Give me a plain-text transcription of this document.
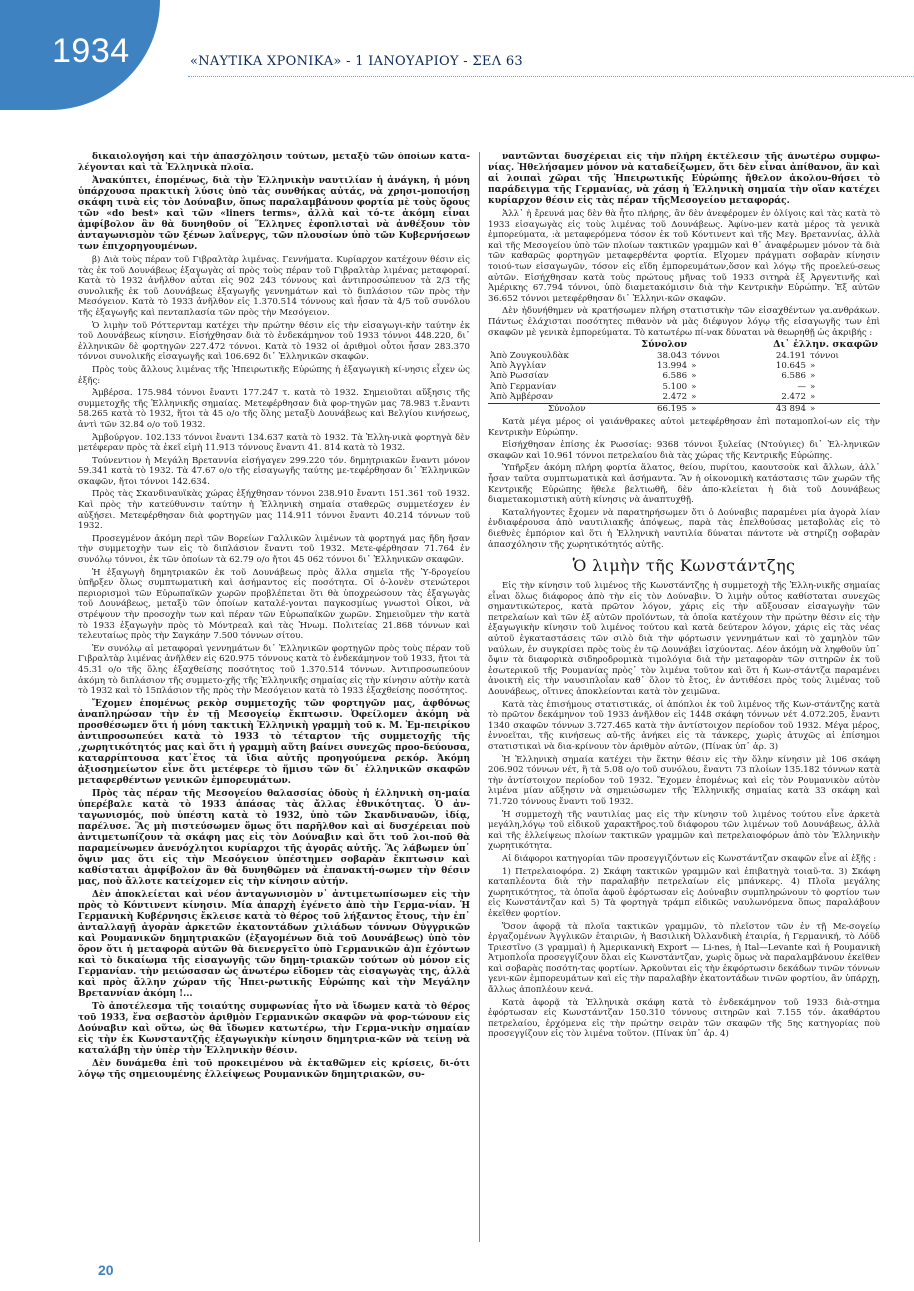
1934	«ΝΑΥΤΙΚΑ ΧΡΟΝΙΚΑ» - 1 ΙΑΝΟΥΑΡΙΟΥ - ΣΕΛ 63

δικαιολογήση καὶ τὴν ἀπασχόλησιν τούτων, μεταξὺ τῶν ὁποίων κατα-λέγονται καὶ τὰ Ἑλληνικὰ πλοῖα.

Ἀνακύπτει, ἑπομένως, διὰ τὴν Ἑλληνικὴν ναυτιλίαν ἡ ἀνάγκη, ἡ μόνη ὑπάρχουσα πρακτικὴ λύσις ὑπὸ τὰς συνθήκας αὐτάς, νὰ χρησι-μοποιήσῃ σκάφη τινὰ εἰς τὸν Δούναβιν, ὅπως παραλαμβάνουν φορτία μὲ τοὺς ὅρους τῶν «do best» καὶ τῶν «liners terms», ἀλλὰ καὶ τό-τε ἀκόμη εἶναι ἀμφίβολον ἂν θὰ δυνηθοῦν οἱ Ἕλληνες ἐφοπλισταὶ νὰ ἀνθέξουν τὸν ἀνταγωνισμὸν τῶν ξένων λαΐνεργς, τῶν πλουσίων ὑπὸ τῶν Κυβερνήσεων των ἐπιχορηγουμένων.

β) Διὰ τοὺς πέραν τοῦ Γιβραλτὰρ λιμένας. Γεννήματα. Κυρίαρχον κατέχουν θέσιν εἰς τὰς ἐκ τοῦ Δουνάβεως ἐξαγωγὰς αἱ πρὸς τοὺς πέραν τοῦ Γιβραλτὰρ λιμένας μεταφοραί. Κατὰ τὸ 1932 ἀνῆλθον αὗται εἰς 902 243 τόννους καὶ ἀντιπροσώπευον τὰ 2/3 τῆς συνολικῆς ἐκ τοῦ Δουνάβεως ἐξαγωγῆς γεννημάτων καὶ τὸ διπλάσιον τῶν πρὸς τὴν Μεσόγειον. Κατὰ τὸ 1933 ἀνῆλθον εἰς 1.370.514 τόννους καὶ ἦσαν τὰ 4/5 τοῦ συνόλου τῆς ἐξαγωγῆς καὶ πενταπλασία τῶν πρὸς τὴν Μεσόγειον.

Ὁ λιμὴν τοῦ Ρόττερνταμ κατέχει τὴν πρώτην θέσιν εἰς τὴν εἰσαγωγι-κὴν ταύτην ἐκ τοῦ Δουνάβεως κίνησιν. Εἰσήχθησαν διὰ τὸ ἑνδεκάμηνον τοῦ 1933 τόννοι 448.220, δι᾽ ἑλληνικῶν δὲ φορτηγῶν 227.472 τόννοι. Κατὰ τὸ 1932 οἱ ἀριθμοὶ οὗτοι ἦσαν 283.370 τόννοι συνολικῆς εἰσαγωγῆς καὶ 106.692 δι᾽ Ἑλληνικῶν σκαφῶν.

Πρὸς τοὺς ἄλλους λιμένας τῆς Ἠπειρωτικῆς Εὐρώπης ἡ ἐξαγωγικὴ κί-νησις εἶχεν ὡς ἑξῆς:

Ἀμβέρσα. 175.984 τόννοι ἔναντι 177.247 τ. κατὰ τὸ 1932. Σημειοῦται αὔξησις τῆς συμμετοχῆς τῆς Ἑλληνικῆς σημαίας. Μετεφέρθησαν διὰ φορ-τηγῶν μας 78.983 τ.ἔναντι 58.265 κατὰ τὸ 1932, ἤτοι τὰ 45 ο/ο τῆς ὅλης μεταξὺ Δουνάβεως καὶ Βελγίου κινήσεως, ἀντὶ τῶν 32.84 ο/ο τοῦ 1932.

Ἀμβούργον. 102.133 τόννοι ἔναντι 134.637 κατὰ τὸ 1932. Τὰ Ἑλλη-νικὰ φορτηγὰ δὲν μετέφεραν πρὸς τὰ ἐκεῖ εἰμὴ 11.913 τόννους ἔναντι 41. 814 κατὰ τὸ 1932.

Τούνεντιον ἡ Μεγάλη Βρεταννία εἰσήγαγεν 299.220 τόν. δημητριακῶν ἔναντι μόνον 59.341 κατὰ τὸ 1932. Τὰ 47.67 ο/ο τῆς εἰσαγωγῆς ταύτης με-τεφέρθησαν δι᾽ Ἑλληνικῶν σκαφῶν, ἤτοι τόννοι 142.634.

Πρὸς τὰς Σκανδιναυϊκὰς χώρας ἐξήχθησαν τόννοι 238.910 ἔναντι 151.361 τοῦ 1932. Καὶ πρὸς τὴν κατεύθυνσιν ταύτην ἡ Ἑλληνικὴ σημαία σταθερῶς συμμετέσχεν ἐν αὐξήσει. Μετεφέρθησαν διὰ φορτηγῶν μας 114.911 τόννοι ἔναντι 40.214 τόννων τοῦ 1932.

Προσεγμένον ἀκόμη περὶ τῶν Βορείων Γαλλικῶν λιμένων τὰ φορτηγά μας ἤδη ἤσαν τὴν συμμετοχὴν των εἰς τὸ διπλάσιον ἔναντι τοῦ 1932. Μετε-φέρθησαν 71.764 ἐν συνόλῳ τόννοι, ἐκ τῶν ὁποίων τὰ 62.79 ο/ο ἤτοι 45 062 τόννοι δι᾽ Ἑλληνικῶν σκαφῶν.

Ἡ ἐξαγωγὴ δημητριακῶν ἐκ τοῦ Δουνάβεως πρὸς ἄλλα σημεῖα τῆς Ὑ-δρογείου ὑπῆρξεν ὅλως συμπτωματικὴ καὶ ἀσήμαντος εἰς ποσότητα. Οἱ ὀ-λονὲν στενώτεροι περιορισμοὶ τῶν Εὐρωπαϊκῶν χωρῶν προβλέπεται ὅτι θὰ ὑποχρεώσουν τὰς ἐξαγωγὰς τοῦ Δουνάβεως, μεταξὺ τῶν ὁποίων καταλέ-γονται παγκοσμίως γνωστοὶ Οἶκοι, νὰ στρέψουν τὴν προσοχὴν των καὶ πέραν τῶν Εὐρωπαϊκῶν χωρῶν. Σημειοῦμεν τὴν κατὰ τὸ 1933 ἐξαγωγὴν πρὸς τὸ Μόντρεαλ καὶ τὰς Ἡνωμ. Πολιτείας 21.868 τόννων καὶ τελευταίως πρὸς τὴν Σαγκάην 7.500 τόννων σίτου.

Ἐν συνόλῳ αἱ μεταφοραὶ γεννημάτων δι᾽ Ἑλληνικῶν φορτηγῶν πρὸς τοὺς πέραν τοῦ Γιβραλτὰρ λιμένας ἀνῆλθεν εἰς 620.975 τόννους κατὰ τὸ ἑνδεκάμηνον τοῦ 1933, ἤτοι τὰ 45.31 ο/ο τῆς ὅλης ἐξαχθείσης ποσότητος τοῦ 1.370.514 τόννων. Ἀντιπροσωπεύουν ἀκόμη τὸ διπλάσιον τῆς συμμετο-χῆς τῆς Ἑλληνικῆς σημαίας εἰς τὴν κίνησιν αὐτὴν κατὰ τὸ 1932 καὶ τὸ 15πλάσιον τῆς πρὸς τὴν Μεσόγειον κατὰ τὸ 1933 ἐξαχθείσης ποσότητος.

Ἔχομεν ἑπομένως ρεκὸρ συμμετοχῆς τῶν φορτηγῶν μας, ἀφθόνως ἀναπληρώσαν τὴν ἐν τῇ Μεσογείῳ ἔκπτωσιν. Ὀφείλομεν ἀκόμη νὰ προσθέσωμεν ὅτι ἡ μόνη τακτικὴ Ἑλληνικὴ γραμμὴ τοῦ κ. Μ. Ἐμ-πειρίκου ἀντιπροσωπεύει κατὰ τὸ 1933 τὸ τέταρτον τῆς συμμετοχῆς τῆς ,χωρητικότητός μας καὶ ὅτι ἡ γραμμὴ αὕτη βαίνει συνεχῶς προο-δεύουσα, καταρρίπτουσα κατ᾽ἔτος τὰ ἴδια αὐτῆς προηγούμενα ρεκόρ. Ἀκόμη ἀξιοσημείωτον εἶνε ὅτι μετέφερε τὸ ἥμισυ τῶν δι᾽ ἑλληνικῶν σκαφῶν μεταφερθέντων γενικῶν ἐμπορευμάτων.

Πρὸς τὰς πέραν τῆς Μεσογείου θαλασσίας ὁδοὺς ἡ ἑλληνικὴ ση-μαία ὑπερέβαλε κατὰ τὸ 1933 ἁπάσας τὰς ἄλλας ἐθνικότητας. Ὁ ἀν-ταγωνισμός, ποὺ ὑπέστη κατὰ τὸ 1932, ὑπὸ τῶν Σκανδιναυῶν, ἰδίᾳ, παρέλυσε. Ἂς μὴ πιστεύσωμεν ὅμως ὅτι παρῆλθον καὶ αἱ δυσχέρειαι ποὺ ἀντιμετωπίζουν τὰ σκάφη μας εἰς τὸν Δούναβιν καὶ ὅτι τοῦ λοι-ποῦ θὰ παραμείνωμεν ἀνενόχλητοι κυρίαρχοι τῆς ἀγορᾶς αὐτῆς. Ἂς λάβωμεν ὑπ᾽ ὄψιν μας ὅτι εἰς τὴν Μεσόγειον ὑπέστημεν σοβαρὰν ἔκπτωσιν καὶ καθίσταται ἀμφίβολον ἂν θὰ δυνηθῶμεν νὰ ἐπανακτή-σωμεν τὴν θέσιν μας, ποὺ ἄλλοτε κατείχομεν εἰς τὴν κίνησιν αὐτήν.

Δὲν ἀποκλείεται καὶ νέον ἀνταγωνισμὸν ν᾽ ἀντιμετωπίσωμεν εἰς τὴν πρὸς τὸ Κόντινεντ κίνησιν. Μία ἀπαρχὴ ἐγένετο ἀπὸ τὴν Γερμα-νίαν. Ἡ Γερμανικὴ Κυβέρνησις ἔκλεισε κατὰ τὸ θέρος τοῦ λήξαντος ἔτους, τὴν ἐπ᾽ ἀνταλλαγῇ ἀγορὰν ἀρκετῶν ἑκατοντάδων χιλιάδων τόννων Οὐγγρικῶν καὶ Ρουμανικῶν δημητριακῶν (ἐξαγομένων διὰ τοῦ Δουνάβεως) ὑπὸ τὸν ὅρον ὅτι ἡ μεταφορὰ αὐτῶν θὰ διενεργεῖτο ὑπὸ Γερμανικῶν ἀ)π ἐχόντων καὶ τὸ δικαίωμα τῆς εἰσαγωγῆς τῶν δημη-τριακῶν τούτων οὐ μόνον εἰς Γερμανίαν. τὴν μειώσασαν ὡς ἀνωτέρω εἴδομεν τὰς εἰσαγωγὰς της, ἀλλὰ καὶ πρὸς ἄλλην χώραν τῆς Ἠπει-ρωτικῆς Εὐρώπης καὶ τὴν Μεγάλην Βρεταννίαν ἀκόμη !...

Τὸ ἀποτέλεσμα τῆς τοιαύτης συμφωνίας ἦτο νὰ ἴδωμεν κατὰ τὸ θέρος τοῦ 1933, ἕνα σεβαστὸν ἀριθμὸν Γερμανικῶν σκαφῶν νὰ φορ-τώνουν εἰς Δούναβιν καὶ οὕτω, ὡς θὰ ἴδωμεν κατωτέρω, τὴν Γερμα-νικὴν σημαίαν εἰς τὴν ἐκ Κωνσταντζῆς ἐξαγωγικὴν κίνησιν δημητρια-κῶν νὰ τείνῃ νὰ καταλάβῃ τὴν ὑπὲρ τὴν Ἑλληνικὴν θέσιν.

Δὲν δυνάμεθα ἐπὶ τοῦ προκειμένου νὰ ἐκταθῶμεν εἰς κρίσεις, δι-ότι λόγῳ τῆς σημειουμένης ἐλλείψεως Ρουμανικῶν δημητριακῶν, συ-

ναντῶνται δυσχέρειαι εἰς τὴν πλήρη ἐκτέλεσιν τῆς ἀνωτέρω συμφω-νίας. Ἠθελήσαμεν μόνον νὰ καταδείξωμεν, ὅτι δὲν εἶναι ἀπίθανον, ἂν καὶ αἱ λοιπαὶ χῶραι τῆς Ἠπειρωτικῆς Εὐρώπης ἤθελον ἀκολου-θήσει τὸ παράδειγμα τῆς Γερμανίας, νὰ χάσῃ ἡ Ἑλληνικὴ σημαία τὴν οἵαν κατέχει κυρίαρχον θέσιν εἰς τὰς πέραν τῆςΜεσογείου μεταφοράς.

Ἀλλ᾽ ἡ ἔρευνά μας δὲν θὰ ἦτο πλήρης, ἂν δὲν ἀνεφέρομεν ἐν ὀλίγοις καὶ τὰς κατὰ τὸ 1933 εἰσαγωγὰς εἰς τοὺς λιμένας τοῦ Δουνάβεως. Ἀφίνο-μεν κατὰ μέρος τὰ γενικὰ ἐμπορεύματα, :ὰ μεταφερόμενα τόσον ἐκ τοῦ Κόντινεντ καὶ τῆς Μεγ. Βρεταννίας, ἀλλὰ καὶ τῆς Μεσογείου ὑπὸ τῶν πλοίων τακτικῶν γραμμῶν καὶ θ᾽ ἀναφέρωμεν μόνον τὰ διὰ τῶν καθαρῶς φορτηγῶν μεταφερθέντα φορτία. Εἴχομεν πράγματι σοβαρὰν κίνησιν τοιού-των εἰσαγωγῶν, τόσον εἰς εἴδη ἐμπορευμάτων,ὅσον καὶ λόγῳ τῆς προελεύ-σεως αὐτῶν. Εἰσήχθησαν κατὰ τοὺς πρώτους μῆνας τοῦ 1933 σιτηρὰ ἐξ Ἀργεντινῆς καὶ Ἀμέρικης 67.794 τόννοι, ὑπὸ διαμετακόμισιν διὰ τὴν Κεντρικὴν Εὐρώπην. Ἐξ αὐτῶν 36.652 τόννοι μετεφέρθησαν δι᾽ Ἑλληνι-κῶν σκαφῶν.

Δὲν ἠδυνήθημεν νὰ κρατήσωμεν πλήρη στατιστικὴν τῶν εἰσαχθέντων γα.ανθράκων. Πάντως ἐλάχισται ποσότητες πιθανὸν νὰ μὰς διέφυγον λόγῳ τῆς εἰσαγωγῆς των ἐπὶ σκαφῶν μὲ γενικὰ ἐμπορεύματα. Τὸ κατωτέρω πί-νακ δύναται νὰ θεωρηθῇ ὡς ἀκριβής :

	Σύνολον		Δι᾽ ἑλλην. σκαφῶν	
Ἀπὸ Ζουγκουλδὰκ	38.043	τόννοι	24.191	τόννοι
Ἀπὸ Ἀγγλίαν	13.994	»	10.645	»
Ἀπὸ Ρωσσίαν	6.586	»	6.586	»
Ἀπὸ Γερμανίαν	5.100	»	—	»
Ἀπὸ Ἀμβέρσαν	2.472	»	2.472	»
Σύνολον	66.195	»	43 894	»

Κατὰ μέγα μέρος οἱ γαιάνθρακες αὐτοὶ μετεφέρθησαν ἐπὶ ποταμοπλοί-ων εἰς τὴν Κεντρικὴν Εὐρώπην.

Εἰσήχθησαν ἐπίσης ἐκ Ρωσσίας: 9368 τόννοι ξυλείας (Ντούγιες) δι᾽ Ἑλ-ληνικῶν σκαφῶν καὶ 10.961 τόννοι πετρελαίου διὰ τὰς χώρας τῆς Κεντρικῆς Εὐρώπης.

Ὑπῆρξεν ἀκόμη πλήρη φορτία ἅλατος, θείου, πυρίτου, καουτσοὺκ καὶ ἄλλων, ἀλλ᾽ ἦσαν ταῦτα συμπτωματικὰ καὶ ἀσήμαντα. Ἂν ἡ οἰκονομικὴ κατάστασις τῶν χωρῶν τῆς Κεντρικῆς Εὐρώπης ἤθελε βελτιωθῆ, δὲν ἀπο-κλείεται ἡ διὰ τοῦ Δουνάβεως διαμετακομιστικὴ αὐτὴ κίνησις νὰ ἀναπτυχθῇ.

Καταλήγοντες ἔχομεν νὰ παρατηρήσωμεν ὅτι ὁ Δούναβις παραμένει μία ἀγορὰ λίαν ἐνδιαφέρουσα ἀπὸ ναυτιλιακῆς ἀπόψεως, παρὰ τὰς ἐπελθούσας μεταβολὰς εἰς τὸ διεθνὲς ἐμπόριον καὶ ὅτι ἡ Ἑλληνικὴ ναυτιλία δύναται πάντοτε νὰ στηρίζῃ σοβαρὰν ἀπασχόλησιν τῆς χωρητικότητός αὐτῆς.

Ὁ λιμὴν τῆς Κωνστάντζης

Εἰς τὴν κίνησιν τοῦ λιμένος τῆς Κωνστάντζης ἡ συμμετοχὴ τῆς Ἑλλη-νικῆς σημαίας εἶναι ὅλως διάφορος ἀπὸ τὴν εἰς τὸν Δούναβιν. Ὁ λιμὴν οὗτος καθίσταται συνεχῶς σημαντικώτερος, κατὰ πρῶτον λόγον, χάρις εἰς τὴν αὔξουσαν εἰσαγωγὴν τῶν πετρελαίων καὶ τῶν ἐξ αὐτῶν προϊόντων, τὰ ὁποῖα κατέχουν τὴν πρώτην θέσιν εἰς τὴν ἐξαγωγικὴν κίνησιν τοῦ λιμένος τούτου καὶ κατὰ δεύτερον λόγον, χάρις εἰς τὰς νέας αὐτοῦ ἐγκαταστάσεις τῶν σιλὸ διὰ τὴν φόρτωσιν γεννημάτων καὶ τὸ χαμηλὸν τῶν ναύλων, ἐν συγκρίσει πρὸς τοὺς ἐν τῷ Δουνάβει ἰσχύοντας. Δέον ἀκόμη νὰ ληφθοῦν ὑπ᾽ ὄψιν τὰ διαφορικὰ σιδηροδρομικὰ τιμολόγια διὰ τὴν μεταφορὰν τῶν σιτηρῶν ἐκ τοῦ ἐσωτερικοῦ τῆς Ρουμανίας πρὸς᾽ τὸν λιμένα τοῦτον καὶ ὅτι ἡ Κων-στάντζα παραμένει ἀνοικτὴ εἰς τὴν ναυσιπλοΐαν καθ᾽ ὅλον τὸ ἔτος, ἐν ἀντιθέσει πρὸς τοὺς λιμένας τοῦ Δουνάβεως, οἵτινες ἀποκλείονται κατὰ τὸν χειμῶνα.

Κατὰ τὰς ἐπισήμους στατιστικάς, οἱ ἀπόπλοι ἐκ τοῦ λιμένος τῆς Κων-στάντζης κατὰ τὸ πρῶτον δεκάμηνον τοῦ 1933 ἀνῆλθον εἰς 1448 σκάφη τόννων νέτ 4.072.205, ἔναντι 1340 σκαφῶν τόννων 3.727.465 κατὰ τὴν ἀντίστοιχον περίοδον τοῦ 1932. Μέγα μέρος, ἐννοεῖται, τῆς κινήσεως αὐ-τῆς ἀνήκει εἰς τὰ τάνκερς, χωρὶς ἀτυχῶς αἱ ἐπίσημοι στατιστικαὶ νὰ δια-κρίνουν τὸν ἀριθμὸν αὐτῶν, (Πίνακ ὑπ᾽ ἀρ. 3)

Ἡ Ἑλληνικὴ σημαία κατέχει τὴν ἕκτην θέσιν εἰς τὴν ὅλην κίνησιν μὲ 106 σκάφη 206.902 τόννων νέτ, ἢ τὰ 5.08 ο/ο τοῦ συνόλου, ἔναντι 73 πλοίων 135.182 τόννων κατὰ τὴν ἀντίστοιχον περίοδον τοῦ 1932. Ἔχομεν ἑπομένως καὶ εἰς τὸν Ρουμανικὸν αὐτὸν λιμένα μίαν αὔξησιν νὰ σημειώσωμεν τῆς Ἑλληνικῆς σημαίας κατὰ 33 σκάφη καὶ 71.720 τόννους ἔναντι τοῦ 1932.

Ἡ συμμετοχὴ τῆς ναυτιλίας μας εἰς τὴν κίνησιν τοῦ λιμένος τούτου εἶνε ἀρκετὰ μεγάλη,λόγῳ τοῦ εἰδικοῦ χαρακτῆρος.τοῦ διάφορου τῶν λιμένων τοῦ Δουνάβεως, ἀλλὰ καὶ τῆς ἐλλείψεως πλοίων τακτικῶν γραμμῶν καὶ πετρελαιοφόρων ἀπὸ τὸν Ἑλληνικὴν χωρητικότητα.

Αἱ διάφοροι κατηγορίαι τῶν προσεγγιζόντων εἰς Κωνστάντζαν σκαφῶν εἶνε αἱ ἑξῆς :

1) Πετρελαιοφόρα. 2) Σκάφη τακτικῶν γραμμῶν καὶ ἐπιβατηγὰ τοιαῦ-τα. 3) Σκάφη καταπλέοντα διὰ τὴν παραλαβὴν πετρελαίων εἰς μπάνκερς. 4) Πλοῖα μεγάλης χωρητικότητος, τὰ ὁποῖα ἀφοῦ ἐφόρτωσαν εἰς Δούναβιν συμπληρώνουν τὸ φορτίον των εἰς Κωνστάντζαν καὶ 5) Τὰ φορτηγὰ τράμπ εἰδικῶς ναυλωνόμενα ὅπως παραλάβουν ἐκεῖθεν φορτίον.

Ὅσον ἀφορᾷ τὰ πλοῖα τακτικῶν γραμμῶν, τὸ πλεῖστον τῶν ἐν τῇ Με-σογείῳ ἐργαζομένων Ἀγγλικῶν ἑταιριῶν, ἡ Βασιλικὴ Ὀλλανδικὴ ἑταιρία, ἡ Γερμανική, τὸ Λόϋδ Τριεστῖνο (3 γραμμαὶ) ἡ Ἀμερικανικὴ Export — Li-nes, ἡ Ital—Levante καὶ ἡ Ρουμανικὴ Ἀτμοπλοΐα προσεγγίζουν ὅλαι εἰς Κωνστάντζαν, χωρὶς ὅμως νὰ παραλαμβάνουν ἐκεῖθεν καὶ σοβαρὰς ποσότη-τας φορτίων. Ἀρκοῦνται εἰς τὴν ἐκφόρτωσιν δεκάδων τινῶν τόννων γενι-κῶν ἐμπορευμάτων καὶ εἰς τὴν παραλαβὴν ἑκατοντάδων τινῶν φορτίου, ἂν ὑπάρχῃ, ἄλλως ἀποπλέουν κενά.

Κατὰ ἀφορᾷ τὰ Ἑλληνικὰ σκάφη κατὰ τὸ ἑνδεκάμηνον τοῦ 1933 διὰ-στημα ἐφόρτωσαν εἰς Κωνστάντζαν 150.310 τόννους σιτηρῶν καὶ 7.155 τόν. ἀκαθάρτου πετρελαίου, ἐρχόμενα εἰς τὴν πρώτην σειρὰν τῶν σκαφῶν τῆς 5ης κατηγορίας ποὺ προσεγγίζουν εἰς τὸν λιμένα τοῦτον. (Πίνακ ὑπ᾽ ἀρ. 4)

20
